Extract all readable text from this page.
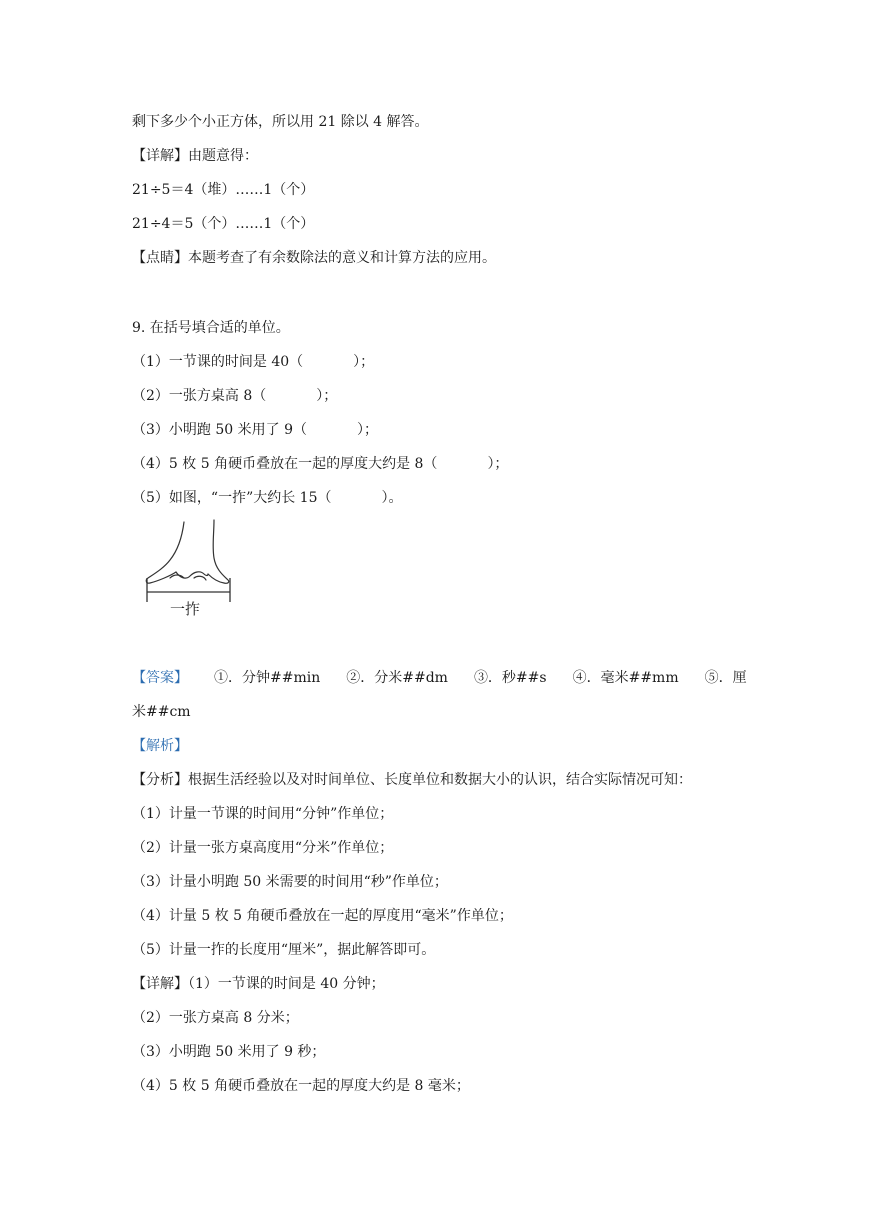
剩下多少个小正方体，所以用 21 除以 4 解答。
【详解】由题意得：
21÷5＝4（堆）……1（个）
21÷4＝5（个）……1（个）
【点睛】本题考查了有余数除法的意义和计算方法的应用。
9. 在括号填合适的单位。
（1）一节课的时间是 40（	）；
（2）一张方桌高 8（	）；
（3）小明跑 50 米用了 9（	）；
（4）5 枚 5 角硬币叠放在一起的厚度大约是 8（	）；
（5）如图，“一拃”大约长 15（	）。
一拃
【答案】 ①．分钟##min ②．分米##dm ③．秒##s ④．毫米##mm ⑤．厘
米##cm
【解析】
【分析】根据生活经验以及对时间单位、长度单位和数据大小的认识，结合实际情况可知：
（1）计量一节课的时间用“分钟”作单位；
（2）计量一张方桌高度用“分米”作单位；
（3）计量小明跑 50 米需要的时间用“秒”作单位；
（4）计量 5 枚 5 角硬币叠放在一起的厚度用“毫米”作单位；
（5）计量一拃的长度用“厘米”，据此解答即可。
【详解】（1）一节课的时间是 40 分钟；
（2）一张方桌高 8 分米；
（3）小明跑 50 米用了 9 秒；
（4）5 枚 5 角硬币叠放在一起的厚度大约是 8 毫米；
